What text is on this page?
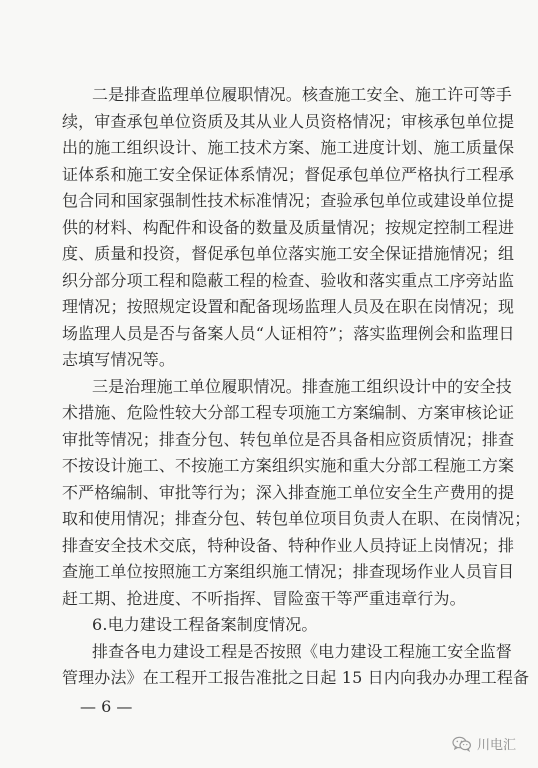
二是排查监理单位履职情况。核查施工安全、施工许可等手
续，审查承包单位资质及其从业人员资格情况；审核承包单位提
出的施工组织设计、施工技术方案、施工进度计划、施工质量保
证体系和施工安全保证体系情况；督促承包单位严格执行工程承
包合同和国家强制性技术标准情况；查验承包单位或建设单位提
供的材料、构配件和设备的数量及质量情况；按规定控制工程进
度、质量和投资，督促承包单位落实施工安全保证措施情况；组
织分部分项工程和隐蔽工程的检查、验收和落实重点工序旁站监
理情况；按照规定设置和配备现场监理人员及在职在岗情况；现
场监理人员是否与备案人员“人证相符”；落实监理例会和监理日
志填写情况等。
三是治理施工单位履职情况。排查施工组织设计中的安全技
术措施、危险性较大分部工程专项施工方案编制、方案审核论证
审批等情况；排查分包、转包单位是否具备相应资质情况；排查
不按设计施工、不按施工方案组织实施和重大分部工程施工方案
不严格编制、审批等行为；深入排查施工单位安全生产费用的提
取和使用情况；排查分包、转包单位项目负责人在职、在岗情况；
排查安全技术交底，特种设备、特种作业人员持证上岗情况；排
查施工单位按照施工方案组织施工情况；排查现场作业人员盲目
赶工期、抢进度、不听指挥、冒险蛮干等严重违章行为。
6.电力建设工程备案制度情况。
排查各电力建设工程是否按照《电力建设工程施工安全监督
管理办法》在工程开工报告准批之日起 15 日内向我办办理工程备
— 6 —
川电汇
